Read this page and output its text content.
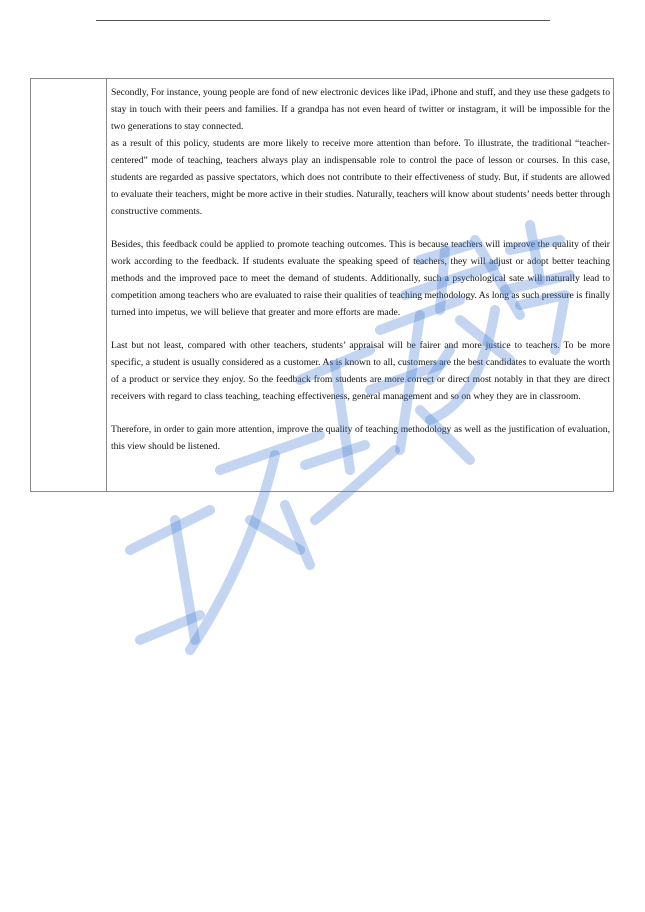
Secondly, For instance, young people are fond of new electronic devices like iPad, iPhone and stuff, and they use these gadgets to stay in touch with their peers and families. If a grandpa has not even heard of twitter or instagram, it will be impossible for the two generations to stay connected.

as a result of this policy, students are more likely to receive more attention than before. To illustrate, the traditional “teacher-centered” mode of teaching, teachers always play an indispensable role to control the pace of lesson or courses. In this case, students are regarded as passive spectators, which does not contribute to their effectiveness of study. But, if students are allowed to evaluate their teachers, might be more active in their studies. Naturally, teachers will know about students’ needs better through constructive comments.

Besides, this feedback could be applied to promote teaching outcomes. This is because teachers will improve the quality of their work according to the feedback. If students evaluate the speaking speed of teachers, they will adjust or adopt better teaching methods and the improved pace to meet the demand of students. Additionally, such a psychological sate will naturally lead to competition among teachers who are evaluated to raise their qualities of teaching methodology. As long as such pressure is finally turned into impetus, we will believe that greater and more efforts are made.

Last but not least, compared with other teachers, students’ appraisal will be fairer and more justice to teachers. To be more specific, a student is usually considered as a customer. As is known to all, customers are the best candidates to evaluate the worth of a product or service they enjoy. So the feedback from students are more correct or direct most notably in that they are direct receivers with regard to class teaching, teaching effectiveness, general management and so on whey they are in classroom.

Therefore, in order to gain more attention, improve the quality of teaching methodology as well as the justification of evaluation, this view should be listened.
